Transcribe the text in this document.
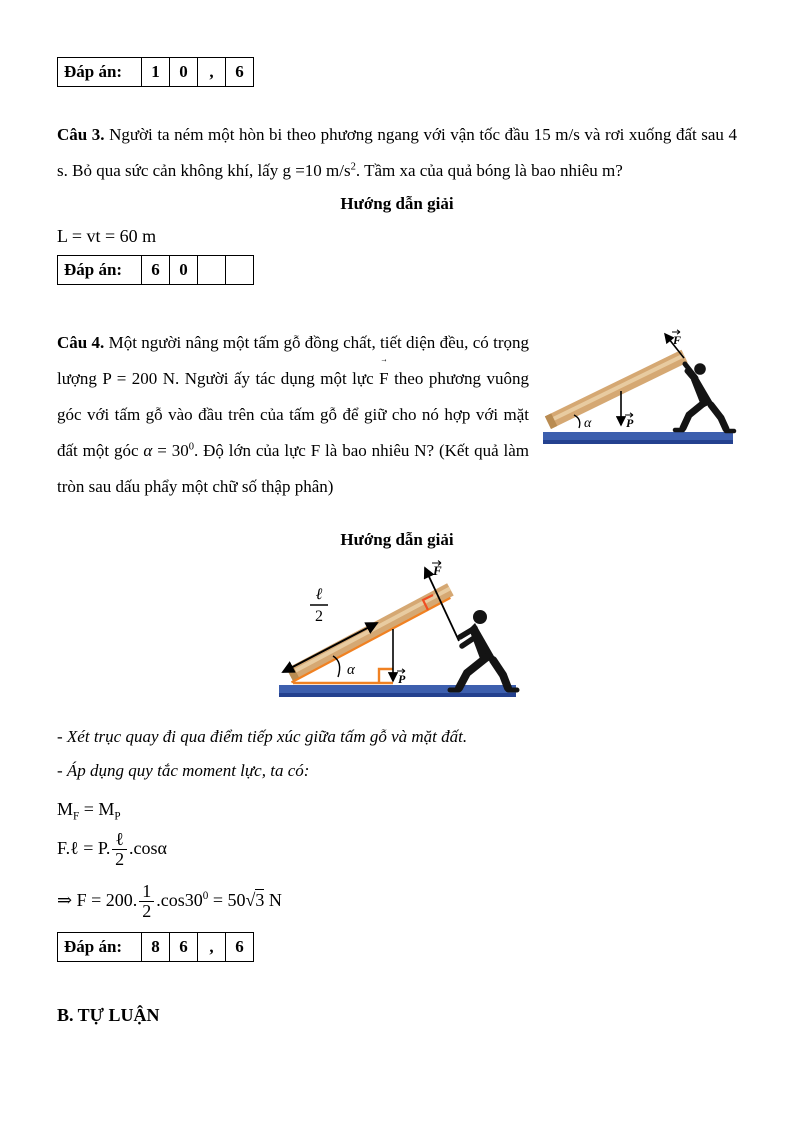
Đáp án:	1	0	,	6

Câu 3. Người ta ném một hòn bi theo phương ngang với vận tốc đầu 15 m/s và rơi xuống đất sau 4 s. Bỏ qua sức cản không khí, lấy g =10 $m/s^2$. Tầm xa của quả bóng là bao nhiêu m?

Hướng dẫn giải

L = vt = 60 m

Đáp án:	6	0		
P
F
α

Câu 4. Một người nâng một tấm gỗ đồng chất, tiết diện đều, có trọng lượng P = 200 N. Người ấy tác dụng một lực F → theo phương vuông góc với tấm gỗ vào đầu trên của tấm gỗ để giữ cho nó hợp với mặt đất một góc $\alpha = 30^0$. Độ lớn của lực F là bao nhiêu N? (Kết quả làm tròn sau dấu phẩy một chữ số thập phân)

Hướng dẫn giải

ℓ
2
α
P
F

- Xét trục quay đi qua điểm tiếp xúc giữa tấm gỗ và mặt đất.

- Áp dụng quy tắc moment lực, ta có:

$M_F = M_P$

F.ℓ = P. $\frac{\text{ℓ}}{2} .\cos\alpha$

⇒ F = 200. $\frac{1}{2} .\cos 30^0 = 50√3$ N

Đáp án:	8	6	,	6

B. TỰ LUẬN
